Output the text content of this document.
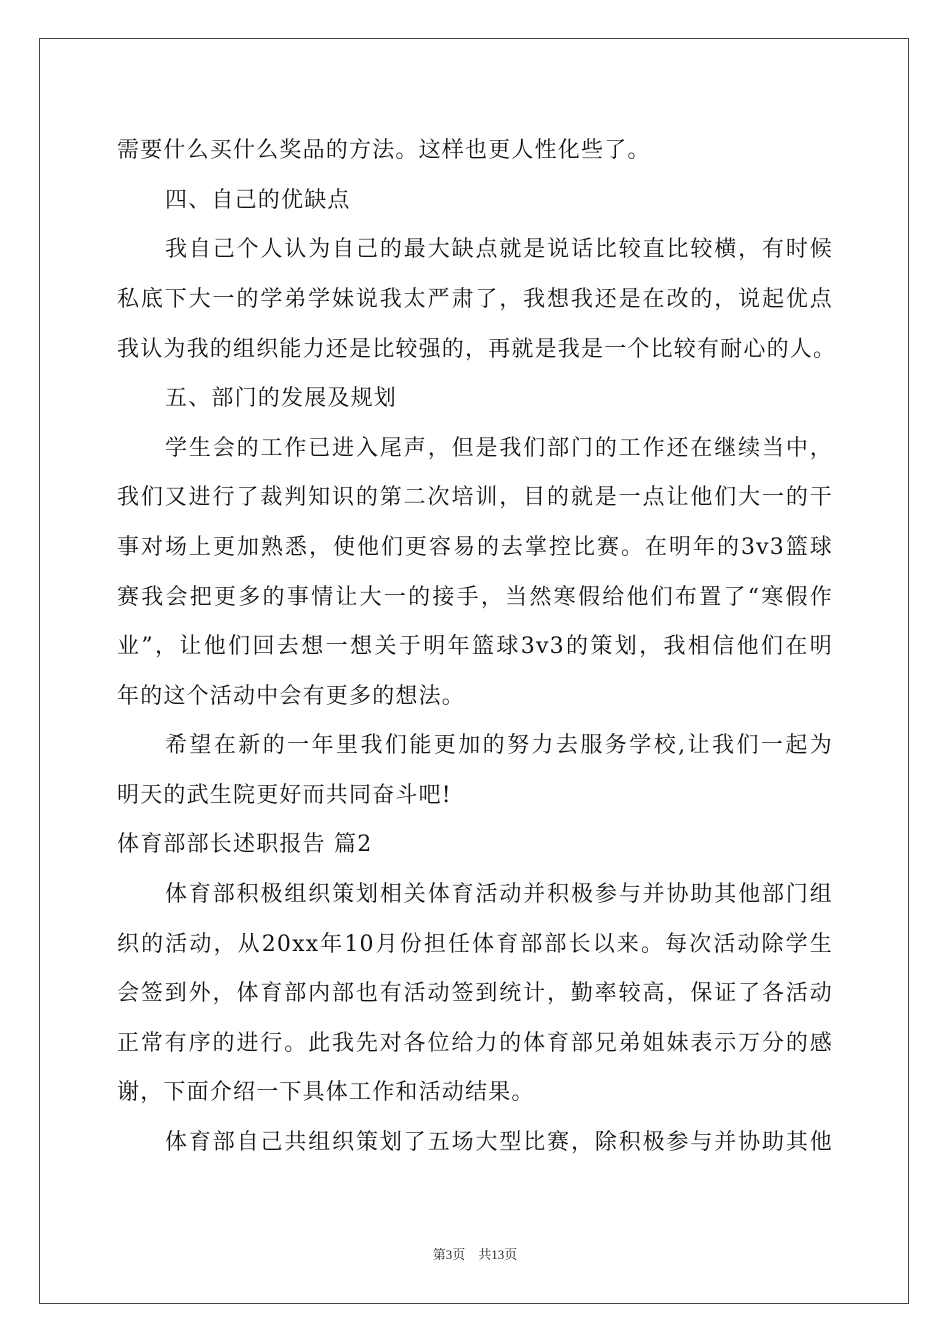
需要什么买什么奖品的方法。这样也更人性化些了。
四、自己的优缺点
我自己个人认为自己的最大缺点就是说话比较直比较横，有时候
私底下大一的学弟学妹说我太严肃了，我想我还是在改的，说起优点
我认为我的组织能力还是比较强的，再就是我是一个比较有耐心的人。
五、部门的发展及规划
学生会的工作已进入尾声，但是我们部门的工作还在继续当中，
我们又进行了裁判知识的第二次培训，目的就是一点让他们大一的干
事对场上更加熟悉，使他们更容易的去掌控比赛。在明年的3v3篮球
赛我会把更多的事情让大一的接手，当然寒假给他们布置了“寒假作
业”，让他们回去想一想关于明年篮球3v3的策划，我相信他们在明
年的这个活动中会有更多的想法。
希望在新的一年里我们能更加的努力去服务学校,让我们一起为
明天的武生院更好而共同奋斗吧!
体育部部长述职报告 篇2
体育部积极组织策划相关体育活动并积极参与并协助其他部门组
织的活动，从20xx年10月份担任体育部部长以来。每次活动除学生
会签到外，体育部内部也有活动签到统计，勤率较高，保证了各活动
正常有序的进行。此我先对各位给力的体育部兄弟姐妹表示万分的感
谢，下面介绍一下具体工作和活动结果。
体育部自己共组织策划了五场大型比赛，除积极参与并协助其他
第3页　共13页
